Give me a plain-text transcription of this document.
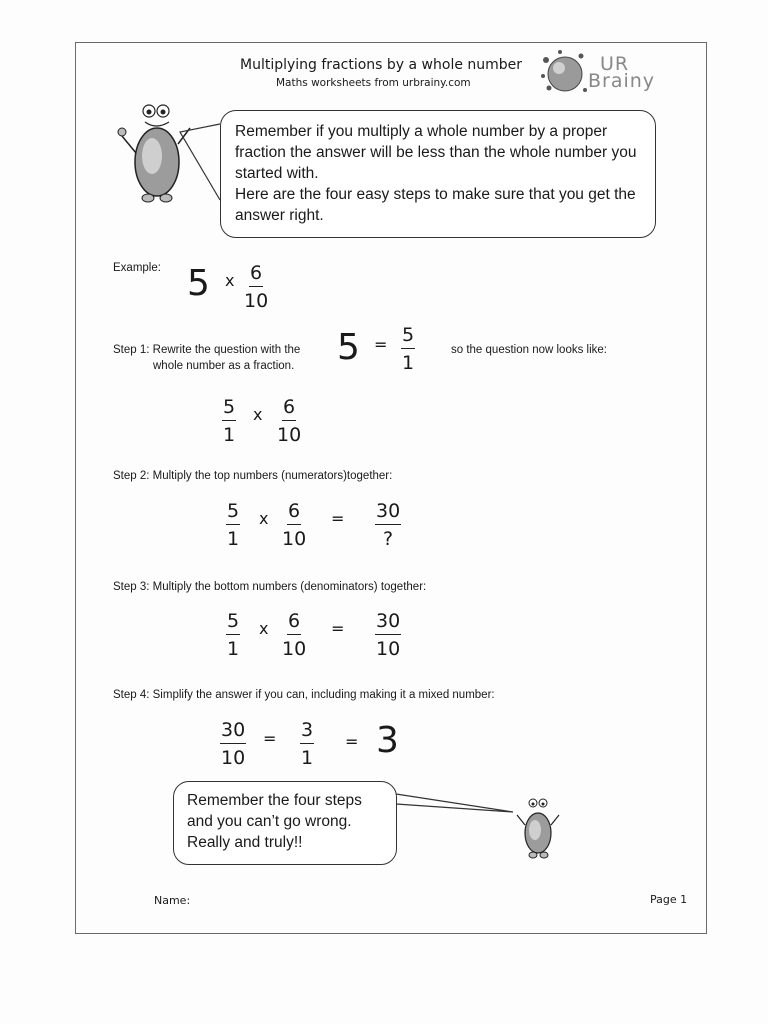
Multiplying fractions by a whole number
Maths worksheets from urbrainy.com
UR
Brainy
Remember if you multiply a whole number by a proper fraction the answer will be less than the whole number you started with.
Here are the four easy steps to make sure that you get the answer right.
Example: 5 x $\frac{6}{10}$
Step 1: Rewrite the question with the
whole number as a fraction. $5 = \frac{5}{1}$	so the question now looks like:
$\frac{5}{1}$ x $\frac{6}{10}$
Step 2: Multiply the top numbers (numerators)together:
$\frac{5}{1}$ x $\frac{6}{10} = 30$
?
Step 3: Multiply the bottom numbers (denominators) together:
$\frac{5}{1}$ x $\frac{6}{10} = \frac{30}{10}$
Step 4: Simplify the answer if you can, including making it a mixed number:
$\frac{30}{10} = \frac{3}{1} = 3$
Remember the four steps and you can’t go wrong. Really and truly!!
Name:	Page 1
